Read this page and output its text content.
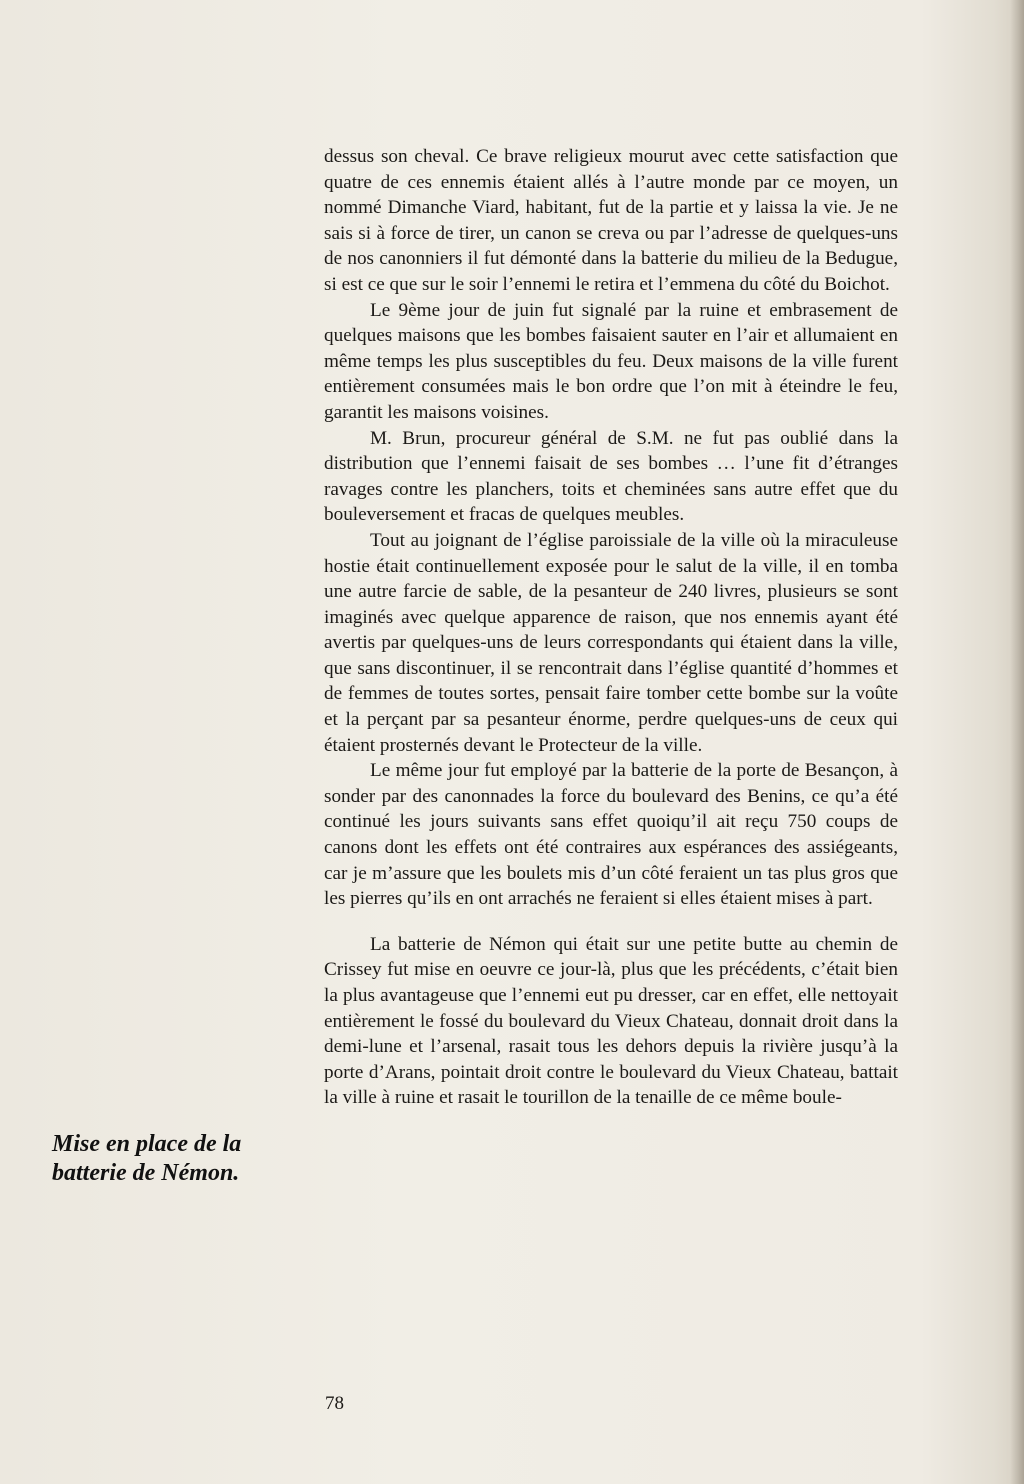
dessus son cheval. Ce brave religieux mourut avec cette satisfaction que quatre de ces ennemis étaient allés à l’autre monde par ce moyen, un nommé Dimanche Viard, habitant, fut de la partie et y laissa la vie. Je ne sais si à force de tirer, un canon se creva ou par l’adresse de quelques-uns de nos canonniers il fut démonté dans la batterie du milieu de la Bedugue, si est ce que sur le soir l’ennemi le retira et l’emmena du côté du Boichot.

Le 9ème jour de juin fut signalé par la ruine et embrasement de quelques maisons que les bombes faisaient sauter en l’air et allumaient en même temps les plus susceptibles du feu. Deux maisons de la ville furent entièrement consumées mais le bon ordre que l’on mit à éteindre le feu, garantit les maisons voisines.

M. Brun, procureur général de S.M. ne fut pas oublié dans la distribution que l’ennemi faisait de ses bombes … l’une fit d’étranges ravages contre les planchers, toits et cheminées sans autre effet que du bouleversement et fracas de quelques meubles.

Tout au joignant de l’église paroissiale de la ville où la miraculeuse hostie était continuellement exposée pour le salut de la ville, il en tomba une autre farcie de sable, de la pesanteur de 240 livres, plusieurs se sont imaginés avec quelque apparence de raison, que nos ennemis ayant été avertis par quelques-uns de leurs correspondants qui étaient dans la ville, que sans discontinuer, il se rencontrait dans l’église quantité d’hommes et de femmes de toutes sortes, pensait faire tomber cette bombe sur la voûte et la perçant par sa pesanteur énorme, perdre quelques-uns de ceux qui étaient prosternés devant le Protecteur de la ville.

Le même jour fut employé par la batterie de la porte de Besançon, à sonder par des canonnades la force du boulevard des Benins, ce qu’a été continué les jours suivants sans effet quoiqu’il ait reçu 750 coups de canons dont les effets ont été contraires aux espérances des assiégeants, car je m’assure que les boulets mis d’un côté feraient un tas plus gros que les pierres qu’ils en ont arrachés ne feraient si elles étaient mises à part.

La batterie de Némon qui était sur une petite butte au chemin de Crissey fut mise en oeuvre ce jour-là, plus que les précédents, c’était bien la plus avantageuse que l’ennemi eut pu dresser, car en effet, elle nettoyait entièrement le fossé du boulevard du Vieux Chateau, donnait droit dans la demi-lune et l’arsenal, rasait tous les dehors depuis la rivière jusqu’à la porte d’Arans, pointait droit contre le boulevard du Vieux Chateau, battait la ville à ruine et rasait le tourillon de la tenaille de ce même boule-

Mise en place de la batterie de Némon.
78
